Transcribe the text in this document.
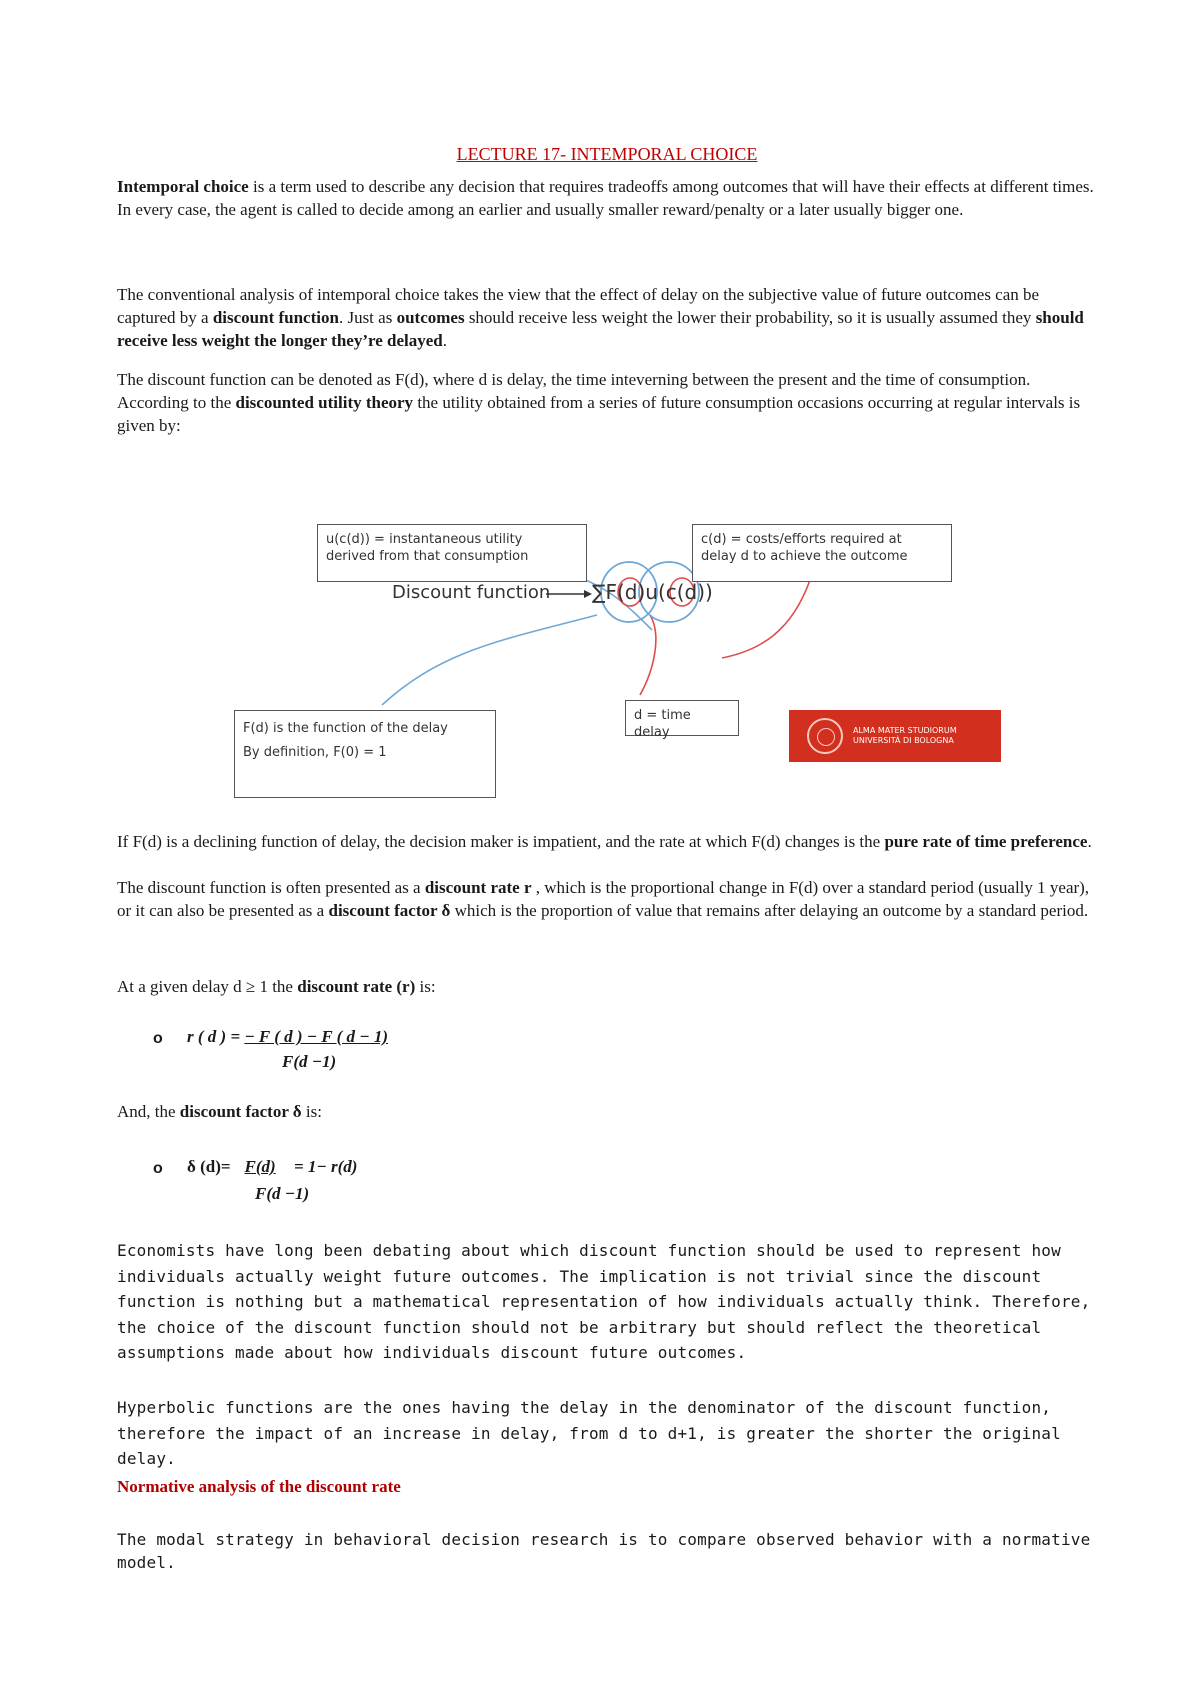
LECTURE 17- INTEMPORAL CHOICE

Intemporal choice is a term used to describe any decision that requires tradeoffs among outcomes that will have their effects at different times.
In every case, the agent is called to decide among an earlier and usually smaller reward/penalty or a later usually bigger one.

The conventional analysis of intemporal choice takes the view that the effect of delay on the subjective value of future outcomes can be captured by a discount function. Just as outcomes should receive less weight the lower their probability, so it is usually assumed they should receive less weight the longer they’re delayed.

The discount function can be denoted as F(d), where d is delay, the time inteverning between the present and the time of consumption.
According to the discounted utility theory the utility obtained from a series of future consumption occasions occurring at regular intervals is given by:

u(c(d)) = instantaneous utility
derived from that consumption
c(d) = costs/efforts required at
delay d to achieve the outcome
Discount function ∑F(d)u(c(d))
F(d) is the function of the delay
By definition, F(0) = 1
d = time delay	ALMA MATER STUDIORUM
UNIVERSITÀ DI BOLOGNA

If F(d) is a declining function of delay, the decision maker is impatient, and the rate at which F(d) changes is the pure rate of time preference.

The discount function is often presented as a discount rate r , which is the proportional change in F(d) over a standard period (usually 1 year), or it can also be presented as a discount factor δ which is the proportion of value that remains after delaying an outcome by a standard period.

At a given delay d ≥ 1 the discount rate (r) is:

o r ( d ) = − F ( d ) − F ( d − 1)
F(d −1)

And, the discount factor δ is:

o δ (d)= F(d) = 1− r(d)
F(d −1)

Economists have long been debating about which discount function should be used to represent how individuals actually weight future outcomes. The implication is not trivial since the discount function is nothing but a mathematical representation of how individuals actually think. Therefore, the choice of the discount function should not be arbitrary but should reflect the theoretical assumptions made about how individuals discount future outcomes.

Hyperbolic functions are the ones having the delay in the denominator of the discount function, therefore the impact of an increase in delay, from d to d+1, is greater the shorter the original delay.

Normative analysis of the discount rate

The modal strategy in behavioral decision research is to compare observed behavior with a normative model.
